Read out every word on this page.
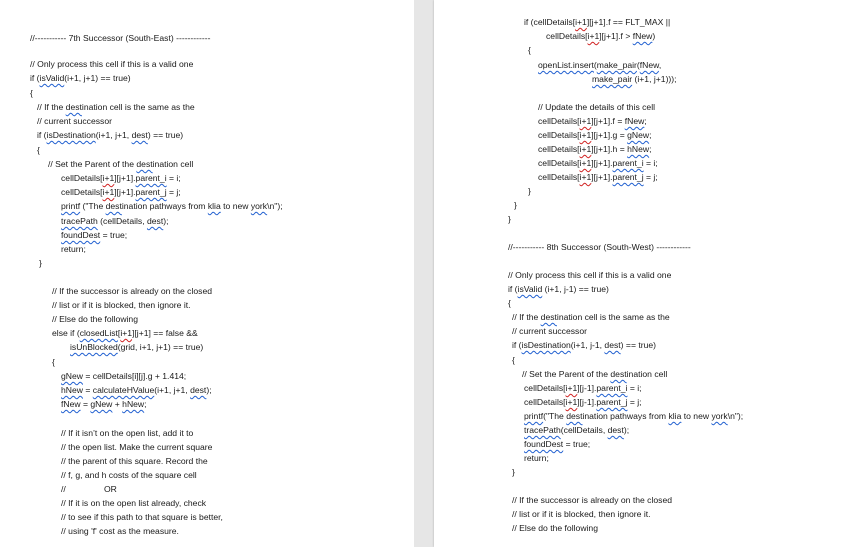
//----------- 7th Successor (South-East) ------------
// Only process this cell if this is a valid one
if (isValid(i+1, j+1) == true)
{
// If the destination cell is the same as the
// current successor
if (isDestination(i+1, j+1, dest) == true)
{
// Set the Parent of the destination cell
cellDetails[i+1][j+1].parent_i = i;
cellDetails[i+1][j+1].parent_j = j;
printf ("The destination pathways from klia to new york\n");
tracePath (cellDetails, dest);
foundDest = true;
return;
}
// If the successor is already on the closed
// list or if it is blocked, then ignore it.
// Else do the following
else if (closedList[i+1][j+1] == false &&
isUnBlocked(grid, i+1, j+1) == true)
{
gNew = cellDetails[i][j].g + 1.414;
hNew = calculateHValue(i+1, j+1, dest);
fNew = gNew + hNew;
// If it isn’t on the open list, add it to
// the open list. Make the current square
// the parent of this square. Record the
// f, g, and h costs of the square cell
//                OR
// If it is on the open list already, check
// to see if this path to that square is better,
// using 'f' cost as the measure.
if (cellDetails[i+1][j+1].f == FLT_MAX ||
cellDetails[i+1][j+1].f > fNew)
{
openList.insert(make_pair(fNew,
make_pair (i+1, j+1)));
// Update the details of this cell
cellDetails[i+1][j+1].f = fNew;
cellDetails[i+1][j+1].g = gNew;
cellDetails[i+1][j+1].h = hNew;
cellDetails[i+1][j+1].parent_i = i;
cellDetails[i+1][j+1].parent_j = j;
}
}
}
//----------- 8th Successor (South-West) ------------
// Only process this cell if this is a valid one
if (isValid (i+1, j-1) == true)
{
// If the destination cell is the same as the
// current successor
if (isDestination(i+1, j-1, dest) == true)
{
// Set the Parent of the destination cell
cellDetails[i+1][j-1].parent_i = i;
cellDetails[i+1][j-1].parent_j = j;
printf("The destination pathways from klia to new york\n");
tracePath(cellDetails, dest);
foundDest = true;
return;
}
// If the successor is already on the closed
// list or if it is blocked, then ignore it.
// Else do the following
